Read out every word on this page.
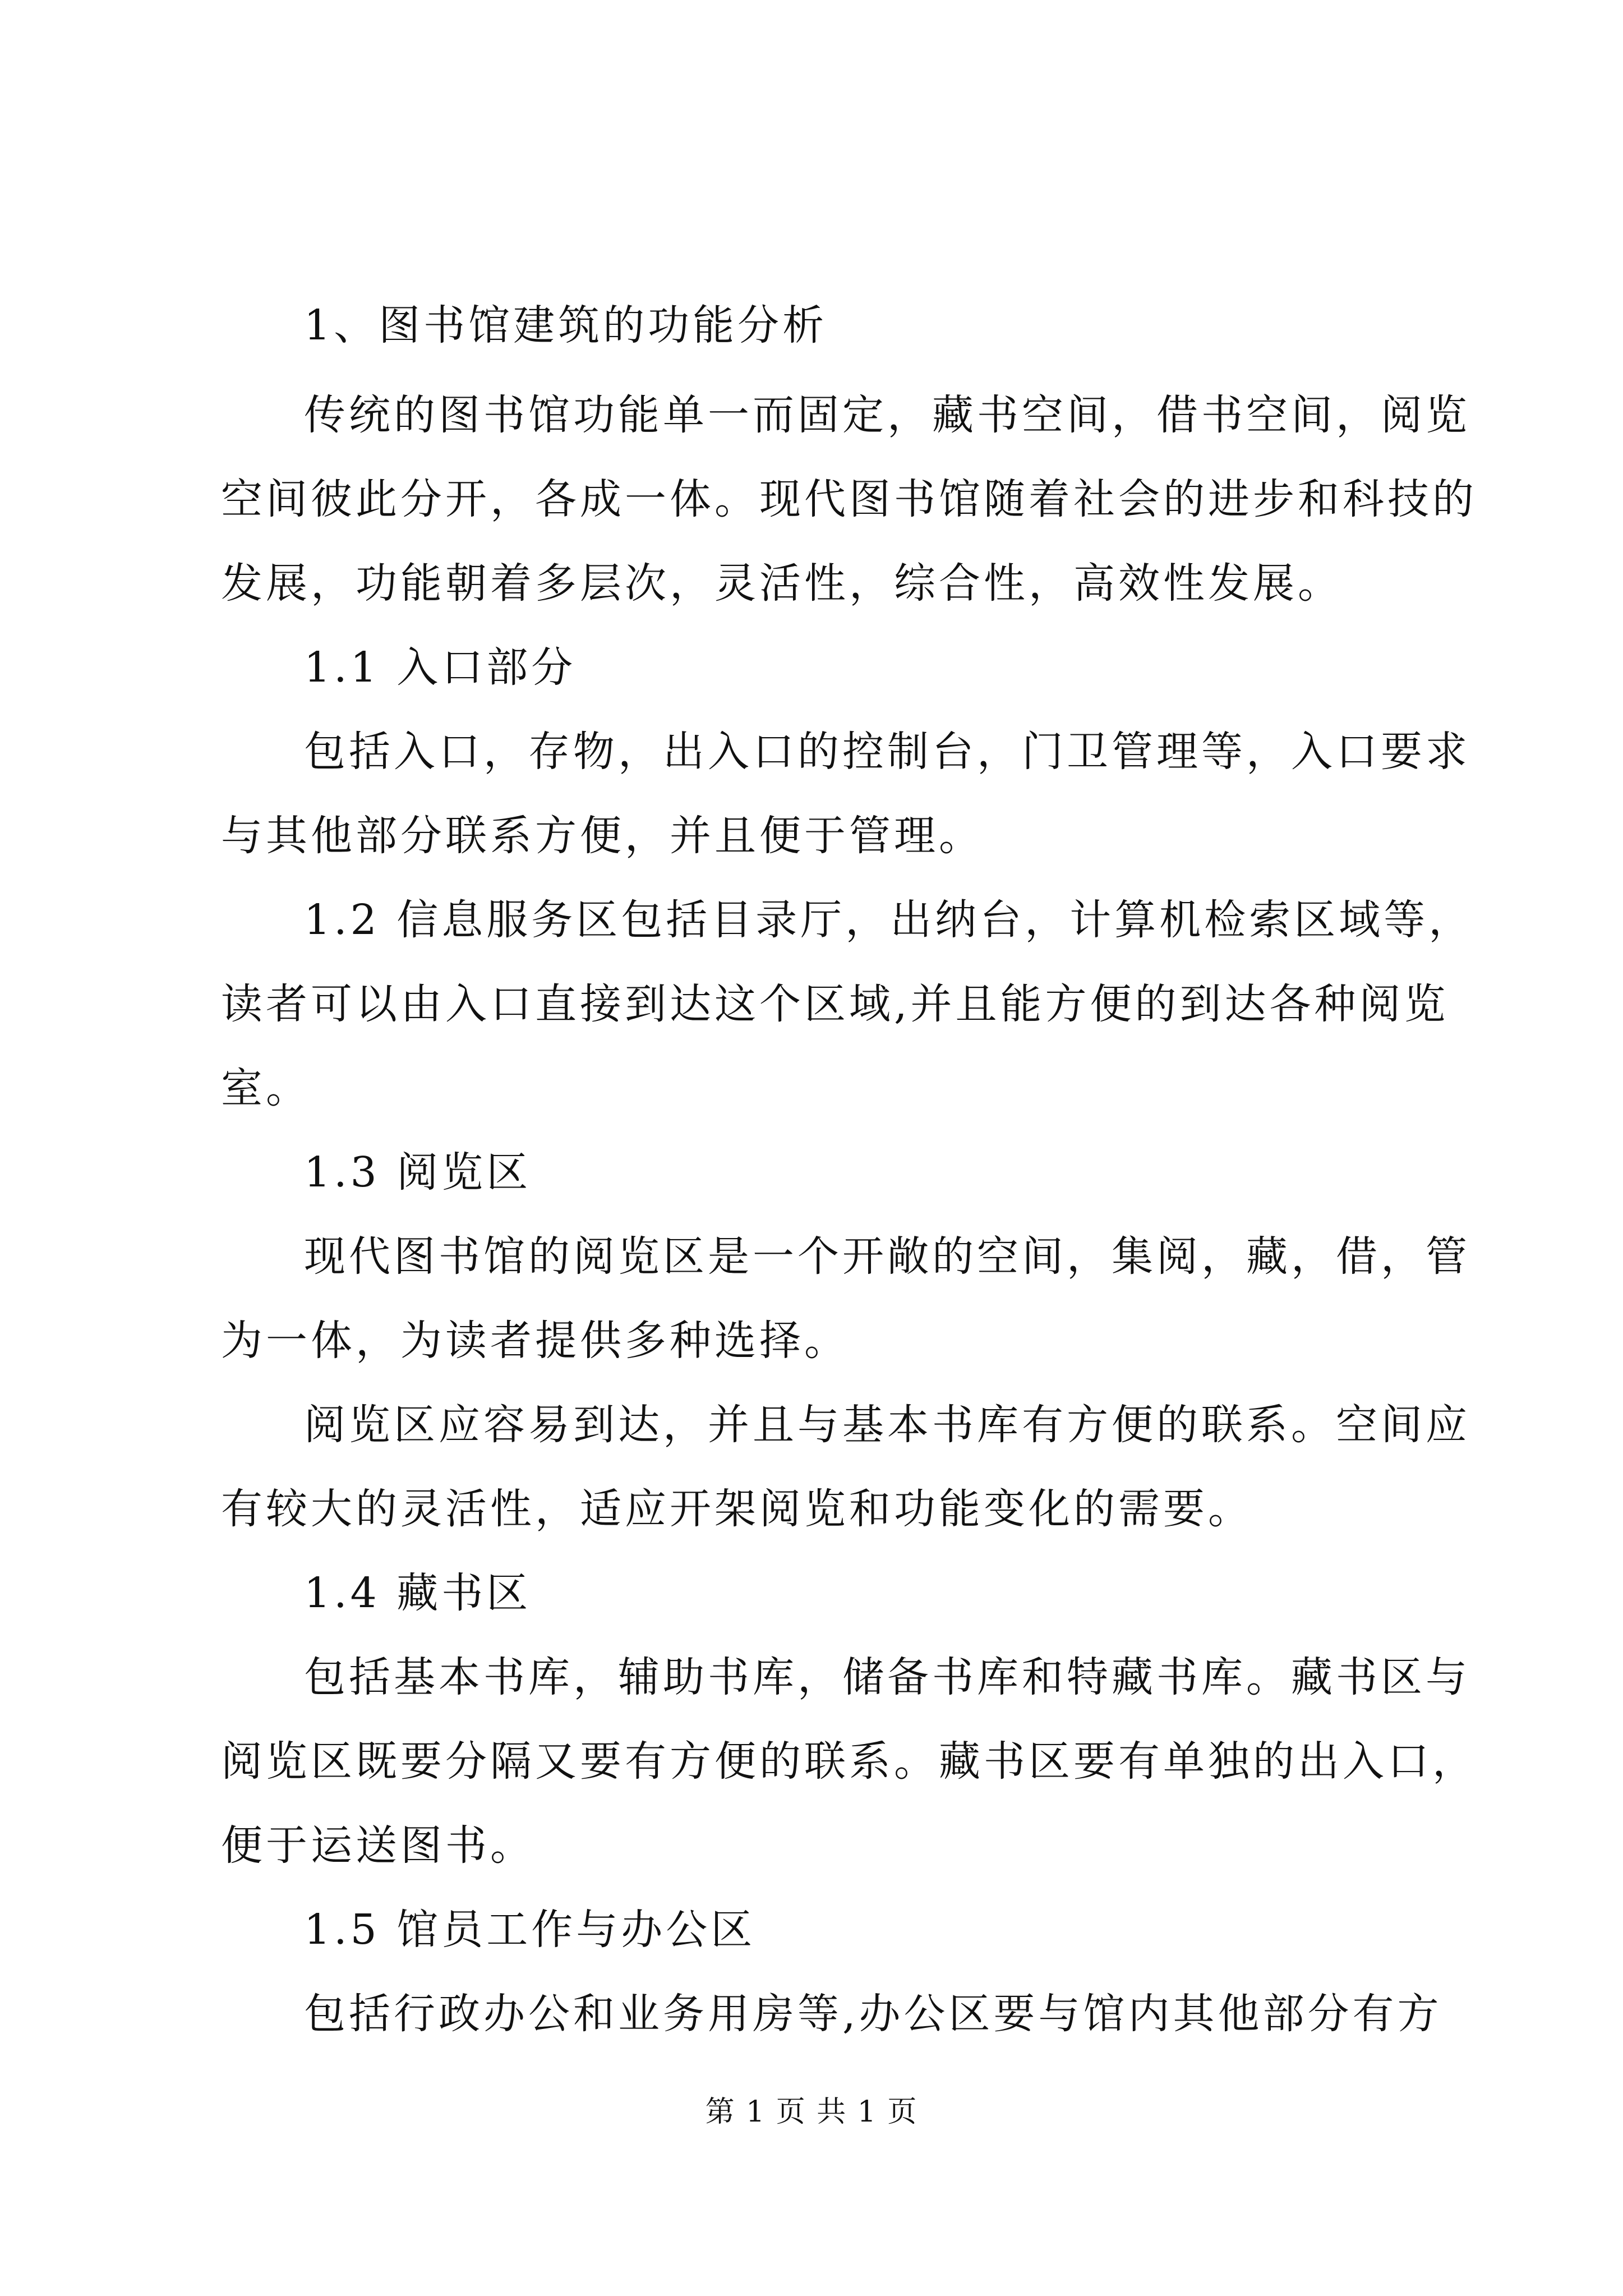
1、图书馆建筑的功能分析
传统的图书馆功能单一而固定，藏书空间，借书空间，阅览
空间彼此分开，各成一体。现代图书馆随着社会的进步和科技的
发展，功能朝着多层次，灵活性，综合性，高效性发展。
1.1 入口部分
包括入口，存物，出入口的控制台，门卫管理等，入口要求
与其他部分联系方便，并且便于管理。
1.2 信息服务区包括目录厅，出纳台，计算机检索区域等，
读者可以由入口直接到达这个区域,并且能方便的到达各种阅览
室。
1.3 阅览区
现代图书馆的阅览区是一个开敞的空间，集阅，藏，借，管
为一体，为读者提供多种选择。
阅览区应容易到达，并且与基本书库有方便的联系。空间应
有较大的灵活性，适应开架阅览和功能变化的需要。
1.4 藏书区
包括基本书库，辅助书库，储备书库和特藏书库。藏书区与
阅览区既要分隔又要有方便的联系。藏书区要有单独的出入口，
便于运送图书。
1.5 馆员工作与办公区
包括行政办公和业务用房等,办公区要与馆内其他部分有方
第 1 页 共 1 页
